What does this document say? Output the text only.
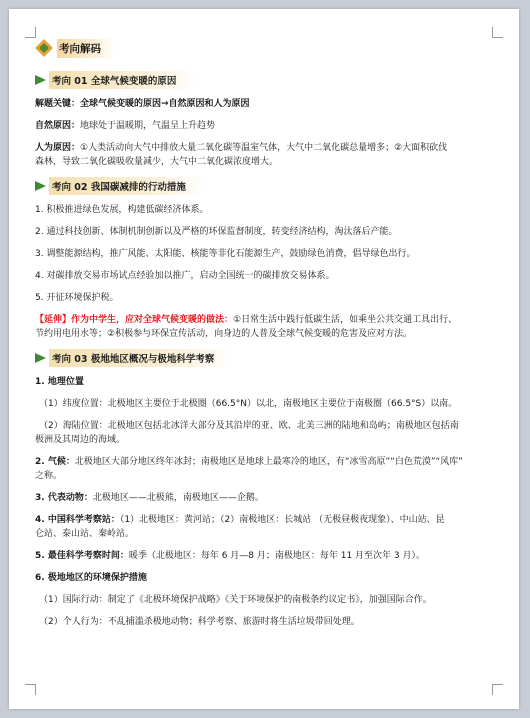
考向解码
考向 01 全球气候变暖的原因

解题关键：全球气候变暖的原因→自然原因和人为原因

自然原因：地球处于温暖期，气温呈上升趋势

人为原因：①人类活动向大气中排放大量二氧化碳等温室气体，大气中二氧化碳总量增多；②大面积砍伐

森林，导致二氧化碳吸收量减少，大气中二氧化碳浓度增大。

考向 02 我国碳减排的行动措施

1. 积极推进绿色发展，构建低碳经济体系。

2. 通过科技创新、体制机制创新以及严格的环保监督制度，转变经济结构，淘汰落后产能。

3. 调整能源结构，推广风能、太阳能、核能等非化石能源生产，鼓励绿色消费，倡导绿色出行。

4. 对碳排放交易市场试点经验加以推广，启动全国统一的碳排放交易体系。

5. 开征环境保护税。

【延伸】作为中学生，应对全球气候变暖的做法：①日常生活中践行低碳生活，如乘坐公共交通工具出行、

节约用电用水等；②积极参与环保宣传活动，向身边的人普及全球气候变暖的危害及应对方法。

考向 03 极地地区概况与极地科学考察

1. 地理位置

（1）纬度位置：北极地区主要位于北极圈（66.5°N）以北，南极地区主要位于南极圈（66.5°S）以南。

（2）海陆位置：北极地区包括北冰洋大部分及其沿岸的亚、欧、北美三洲的陆地和岛屿；南极地区包括南

极洲及其周边的海域。

2. 气候：北极地区大部分地区终年冰封；南极地区是地球上最寒冷的地区，有“冰雪高原”“白色荒漠”“风库”

之称。

3. 代表动物：北极地区——北极熊，南极地区——企鹅。

4. 中国科学考察站：（1）北极地区：黄河站；（2）南极地区：长城站 （无极昼极夜现象）、中山站、昆

仑站、泰山站、秦岭站。

5. 最佳科学考察时间：暖季（北极地区：每年 6 月—8 月；南极地区：每年 11 月至次年 3 月）。

6. 极地地区的环境保护措施

（1）国际行动：制定了《北极环境保护战略》《关于环境保护的南极条约议定书》，加强国际合作。

（2）个人行为：不乱捕滥杀极地动物；科学考察、旅游时将生活垃圾带回处理。
